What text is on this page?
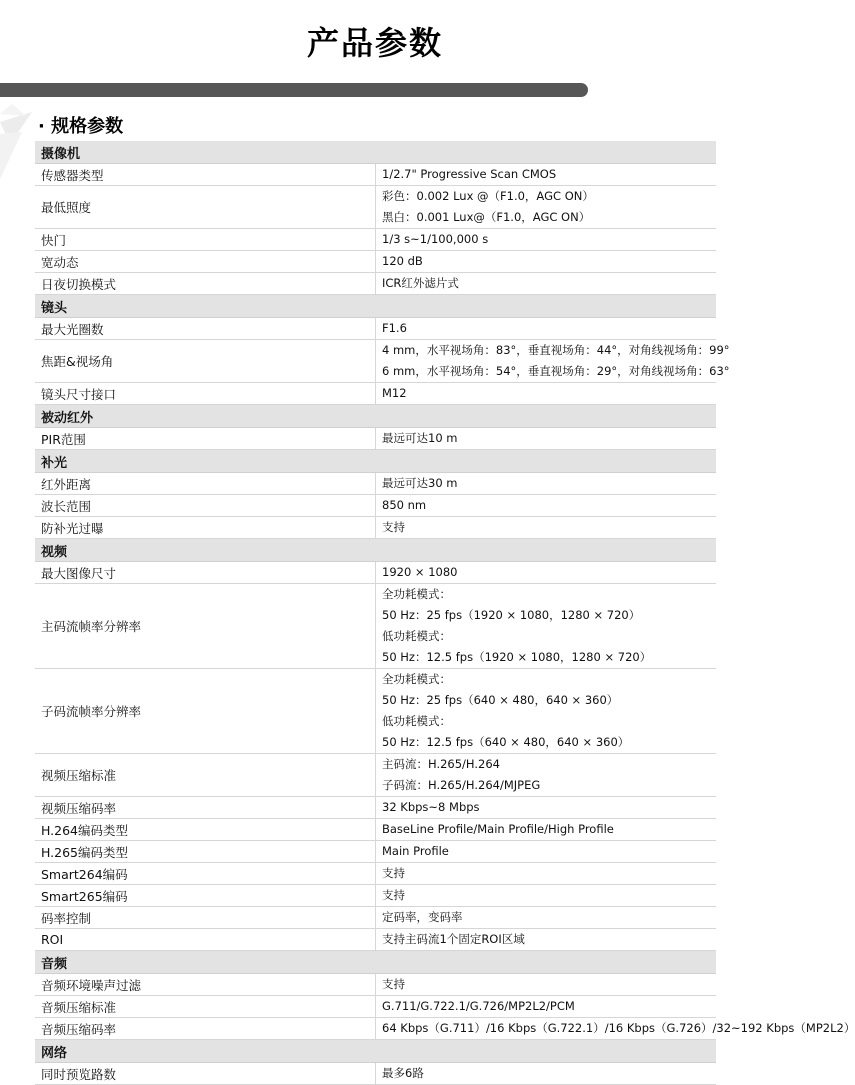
产品参数
· 规格参数
摄像机	
传感器类型	1/2.7" Progressive Scan CMOS

最低照度	彩色：0.002 Lux @（F1.0，AGC ON）
黑白：0.001 Lux@（F1.0，AGC ON）

快门	1/3 s~1/100,000 s

宽动态	120 dB

日夜切换模式	ICR红外滤片式

镜头	
最大光圈数	F1.6

焦距&视场角	4 mm，水平视场角：83°，垂直视场角：44°，对角线视场角：99°
6 mm，水平视场角：54°，垂直视场角：29°，对角线视场角：63°

镜头尺寸接口	M12

被动红外	
PIR范围	最远可达10 m

补光	
红外距离	最远可达30 m

波长范围	850 nm

防补光过曝	支持

视频	
最大图像尺寸	1920 × 1080

主码流帧率分辨率	全功耗模式：
50 Hz：25 fps（1920 × 1080，1280 × 720）
低功耗模式：
50 Hz：12.5 fps（1920 × 1080，1280 × 720）

子码流帧率分辨率	全功耗模式：
50 Hz：25 fps（640 × 480，640 × 360）
低功耗模式：
50 Hz：12.5 fps（640 × 480，640 × 360）

视频压缩标准	主码流：H.265/H.264
子码流：H.265/H.264/MJPEG

视频压缩码率	32 Kbps~8 Mbps

H.264编码类型	BaseLine Profile/Main Profile/High Profile

H.265编码类型	Main Profile

Smart264编码	支持

Smart265编码	支持

码率控制	定码率，变码率

ROI	支持主码流1个固定ROI区域

音频	
音频环境噪声过滤	支持

音频压缩标准	G.711/G.722.1/G.726/MP2L2/PCM

音频压缩码率	64 Kbps（G.711）/16 Kbps（G.722.1）/16 Kbps（G.726）/32~192 Kbps（MP2L2）

网络	
同时预览路数	最多6路
